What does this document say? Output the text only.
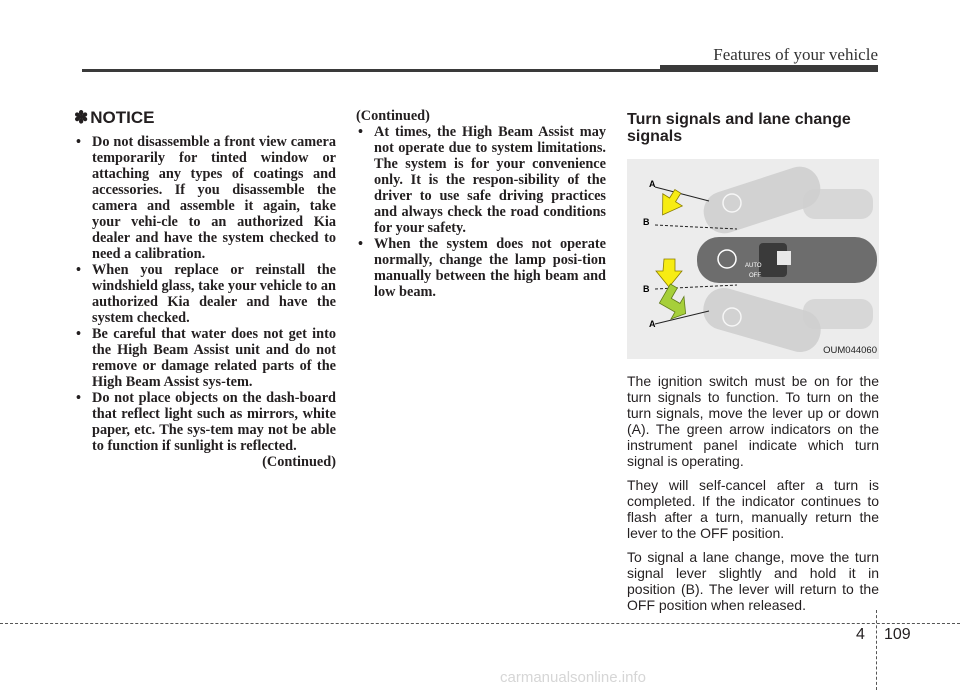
Features of your vehicle
✽ NOTICE
• Do not disassemble a front view camera temporarily for tinted window or attaching any types of coatings and accessories. If you disassemble the camera and assemble it again, take your vehi-cle to an authorized Kia dealer and have the system checked to need a calibration.
• When you replace or reinstall the windshield glass, take your vehicle to an authorized Kia dealer and have the system checked.
• Be careful that water does not get into the High Beam Assist unit and do not remove or damage related parts of the High Beam Assist sys-tem.
• Do not place objects on the dash-board that reflect light such as mirrors, white paper, etc. The sys-tem may not be able to function if sunlight is reflected.
(Continued)
(Continued)
• At times, the High Beam Assist may not operate due to system limitations. The system is for your convenience only. It is the respon-sibility of the driver to use safe driving practices and always check the road conditions for your safety.
• When the system does not operate normally, change the lamp posi-tion manually between the high beam and low beam.
Turn signals and lane change signals
AUTO
OFF
A
B
B
A
OUM044060

The ignition switch must be on for the turn signals to function. To turn on the turn signals, move the lever up or down (A). The green arrow indicators on the instrument panel indicate which turn signal is operating.

They will self-cancel after a turn is completed. If the indicator continues to flash after a turn, manually return the lever to the OFF position.

To signal a lane change, move the turn signal lever slightly and hold it in position (B). The lever will return to the OFF position when released.

4 109
carmanualsonline.info
